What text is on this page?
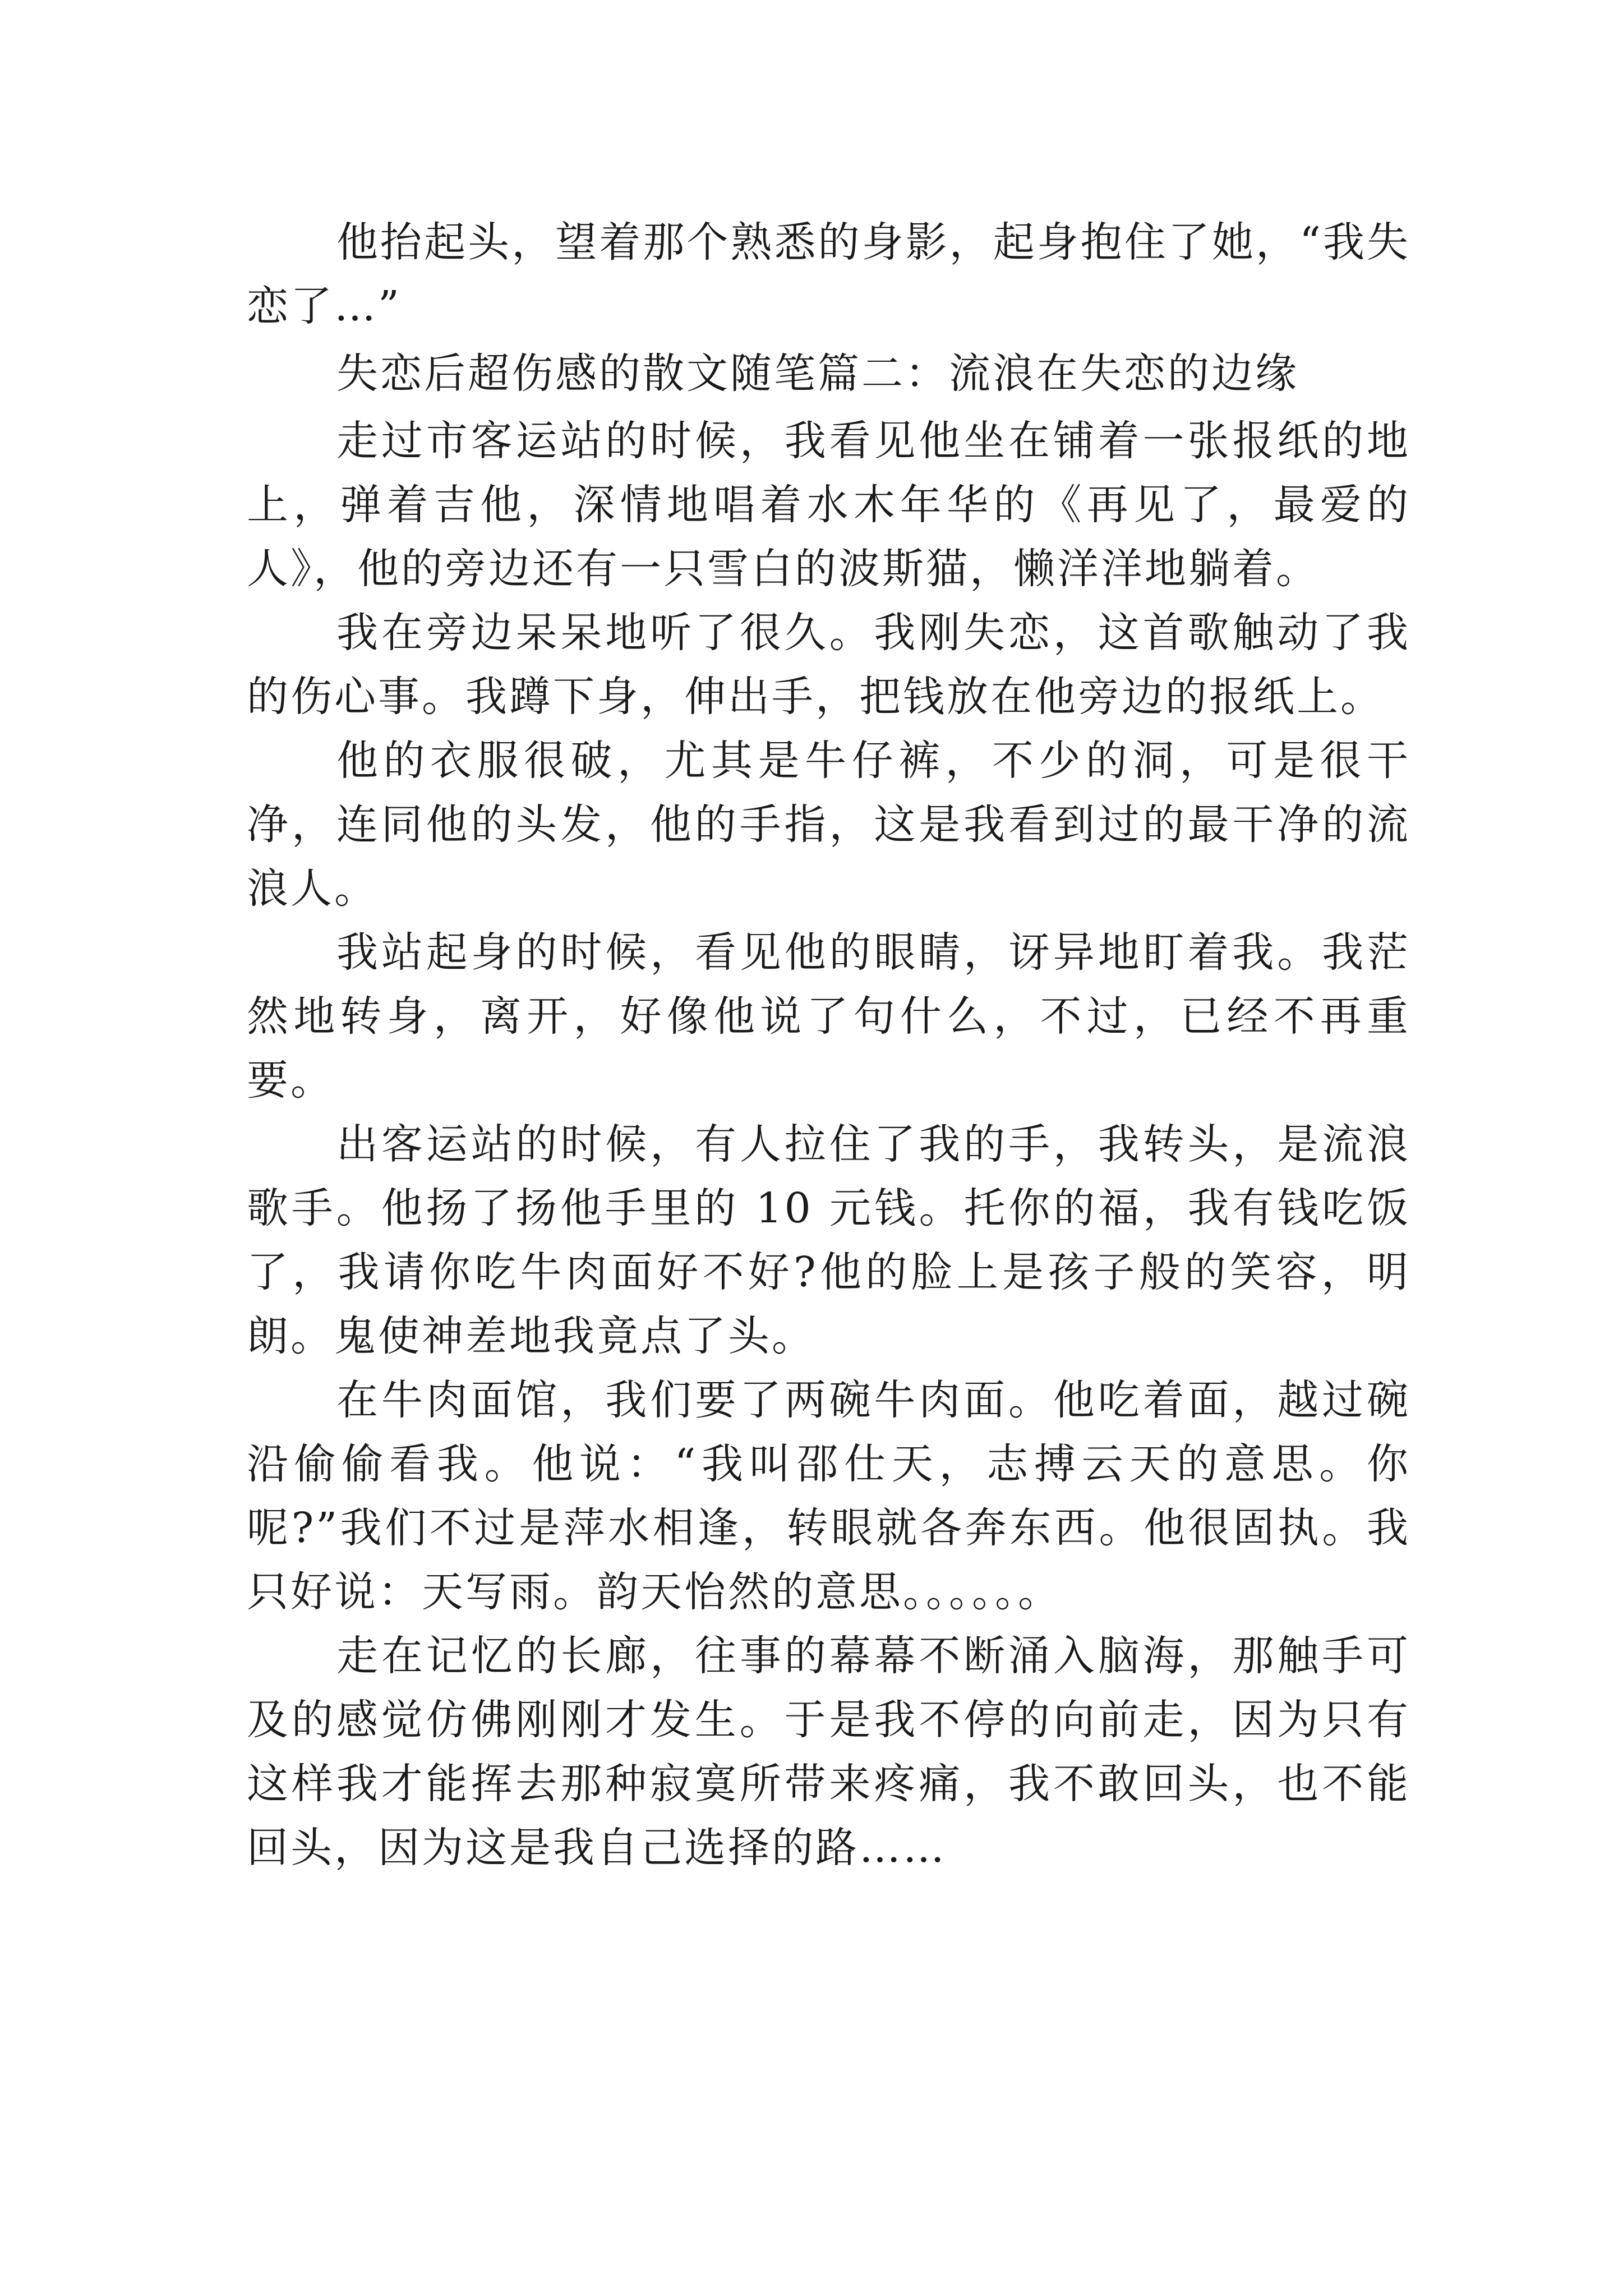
他抬起头，望着那个熟悉的身影，起身抱住了她，“我失恋了…”

失恋后超伤感的散文随笔篇二：流浪在失恋的边缘

走过市客运站的时候，我看见他坐在铺着一张报纸的地上，弹着吉他，深情地唱着水木年华的《再见了，最爱的人》，他的旁边还有一只雪白的波斯猫，懒洋洋地躺着。

我在旁边呆呆地听了很久。我刚失恋，这首歌触动了我的伤心事。我蹲下身，伸出手，把钱放在他旁边的报纸上。

他的衣服很破，尤其是牛仔裤，不少的洞，可是很干净，连同他的头发，他的手指，这是我看到过的最干净的流浪人。

我站起身的时候，看见他的眼睛，讶异地盯着我。我茫然地转身，离开，好像他说了句什么，不过，已经不再重要。

出客运站的时候，有人拉住了我的手，我转头，是流浪歌手。他扬了扬他手里的 10 元钱。托你的福，我有钱吃饭了，我请你吃牛肉面好不好?他的脸上是孩子般的笑容，明朗。鬼使神差地我竟点了头。

在牛肉面馆，我们要了两碗牛肉面。他吃着面，越过碗沿偷偷看我。他说：“我叫邵仕天，志搏云天的意思。你呢?”我们不过是萍水相逢，转眼就各奔东西。他很固执。我只好说：天写雨。韵天怡然的意思。。。。。。

走在记忆的长廊，往事的幕幕不断涌入脑海，那触手可及的感觉仿佛刚刚才发生。于是我不停的向前走，因为只有这样我才能挥去那种寂寞所带来疼痛，我不敢回头，也不能回头，因为这是我自己选择的路……
